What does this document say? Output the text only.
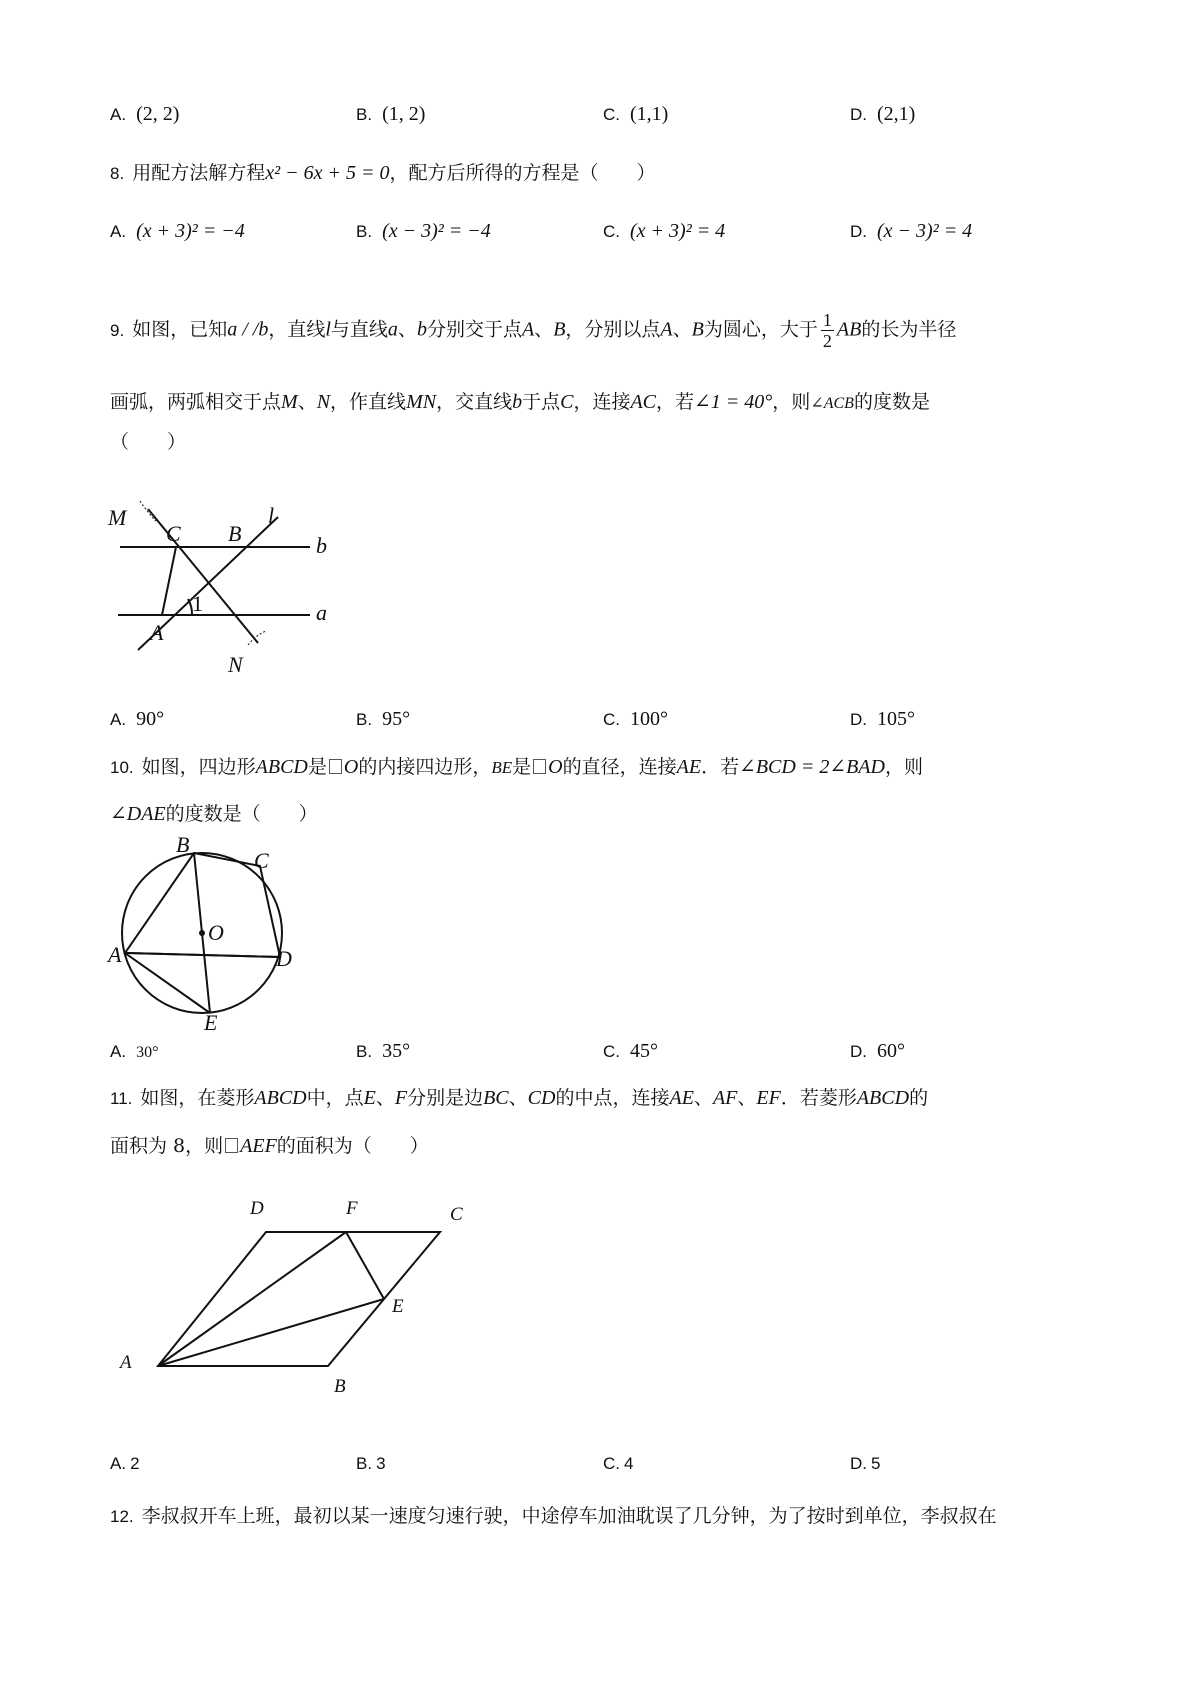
A. (2, 2)	B. (1, 2)	C. (1,1)	D. (2,1)
8. 用配方法解方程x² − 6x + 5 = 0，配方后所得的方程是（　　）
A. (x + 3)² = −4	B. (x − 3)² = −4	C. (x + 3)² = 4	D. (x − 3)² = 4
9. 如图，已知a / /b，直线l与直线a、b分别交于点A、B，分别以点A、B为圆心，大于 $\frac{1}{2}$ AB的长为半径
画弧，两弧相交于点M、N，作直线MN，交直线b于点C，连接AC，若∠1 = 40°，则∠ACB的度数是
（　　）
M
C B
l
b
1
A
a
N
A. 90°	B. 95°	C. 100°	D. 105°
10. 如图，四边形ABCD是 O的内接四边形，BE是 O的直径，连接AE．若∠BCD = 2∠BAD，则
∠DAE的度数是（　　）
B
C
O
A	D
E
A. 30°	B. 35°	C. 45°	D. 60°
11. 如图，在菱形ABCD中，点E、F分别是边BC、CD的中点，连接AE、AF、EF．若菱形ABCD的
面积为 8，则 AEF的面积为（　　）
D	F	C
E
A
B
A. 2	B. 3	C. 4	D. 5
12. 李叔叔开车上班，最初以某一速度匀速行驶，中途停车加油耽误了几分钟，为了按时到单位，李叔叔在
